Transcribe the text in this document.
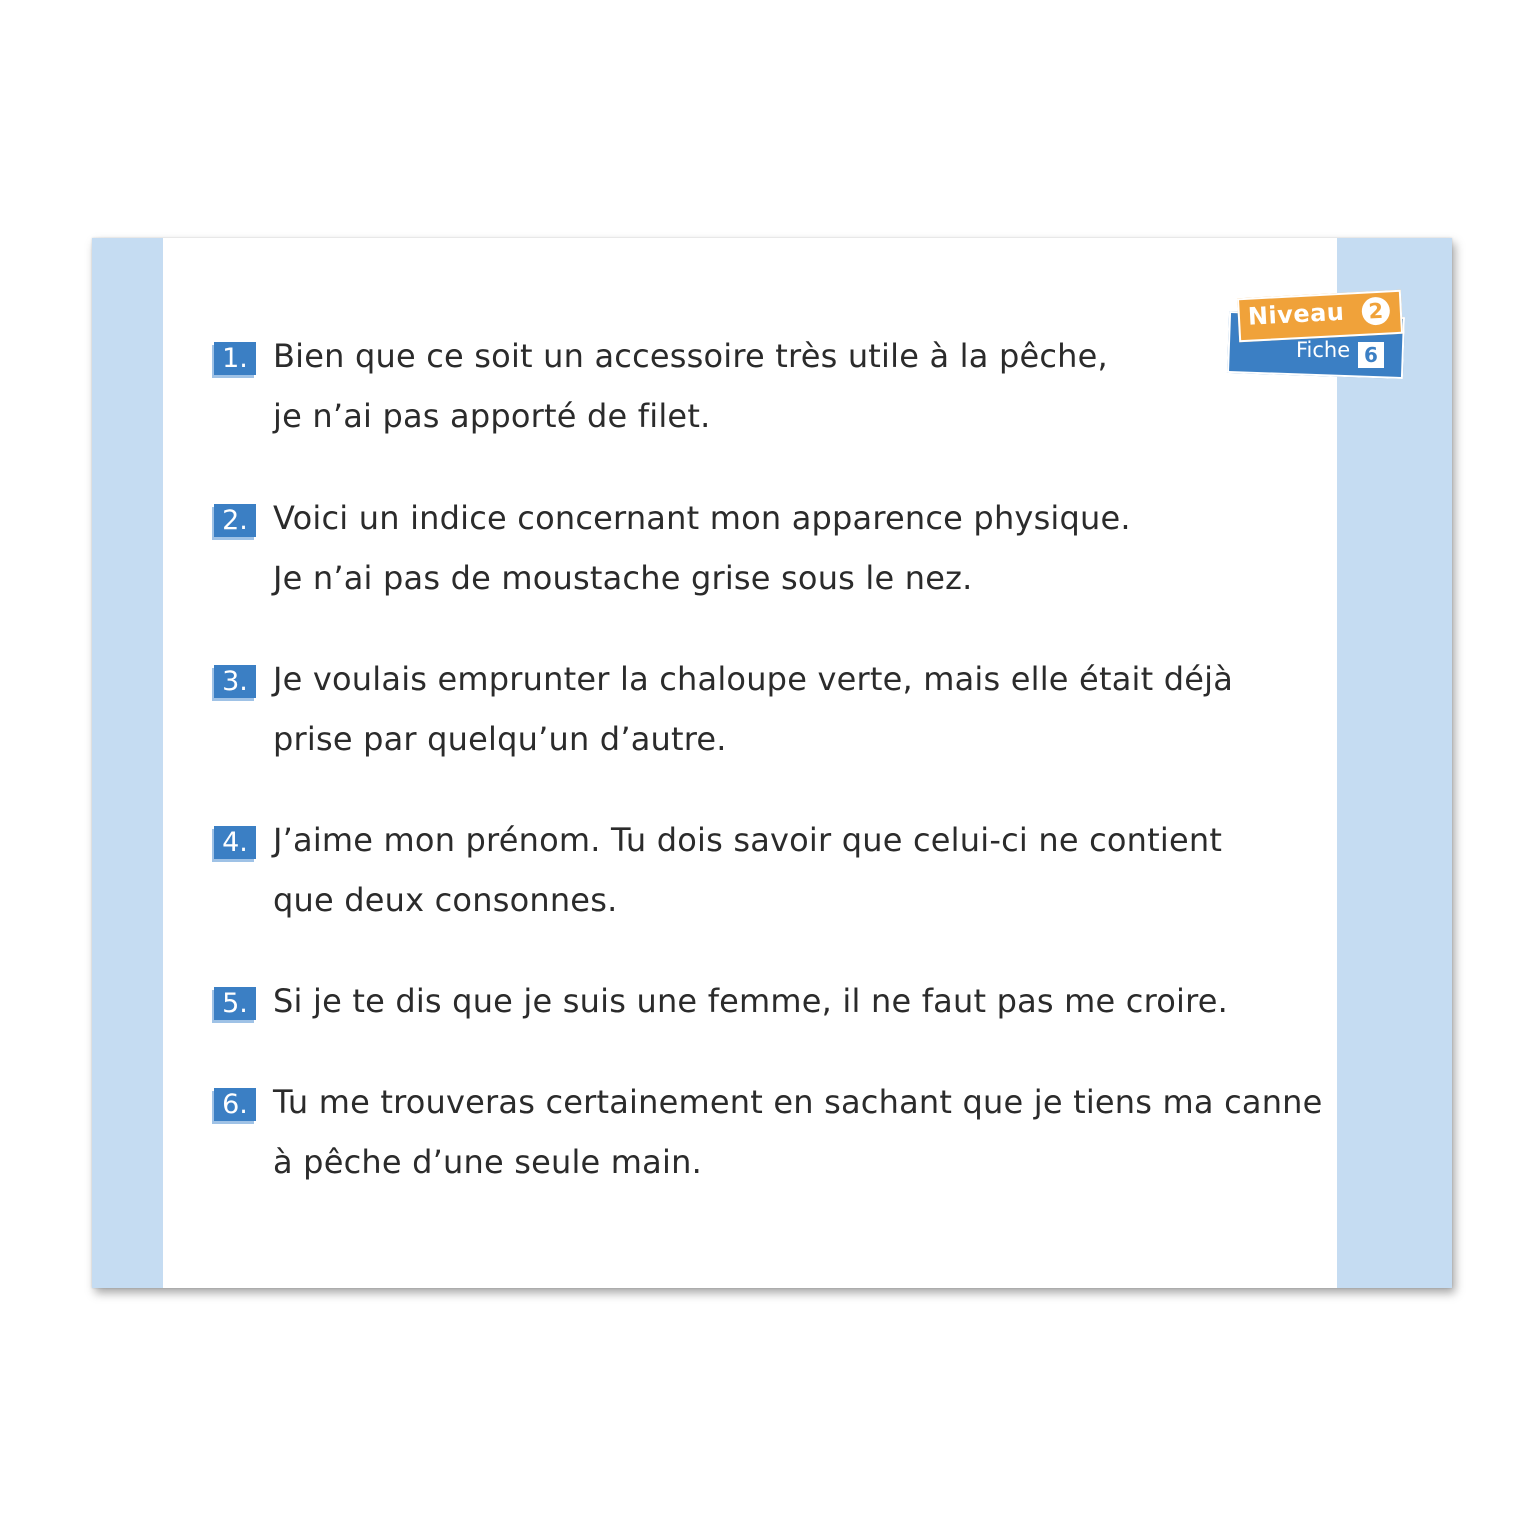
1. Bien que ce soit un accessoire très utile à la pêche,
je n’ai pas apporté de filet.
2. Voici un indice concernant mon apparence physique.
Je n’ai pas de moustache grise sous le nez.
3. Je voulais emprunter la chaloupe verte, mais elle était déjà
prise par quelqu’un d’autre.
4. J’aime mon prénom. Tu dois savoir que celui-ci ne contient
que deux consonnes.
5. Si je te dis que je suis une femme, il ne faut pas me croire.
6. Tu me trouveras certainement en sachant que je tiens ma canne
à pêche d’une seule main.
Niveau	2
Fiche 6
